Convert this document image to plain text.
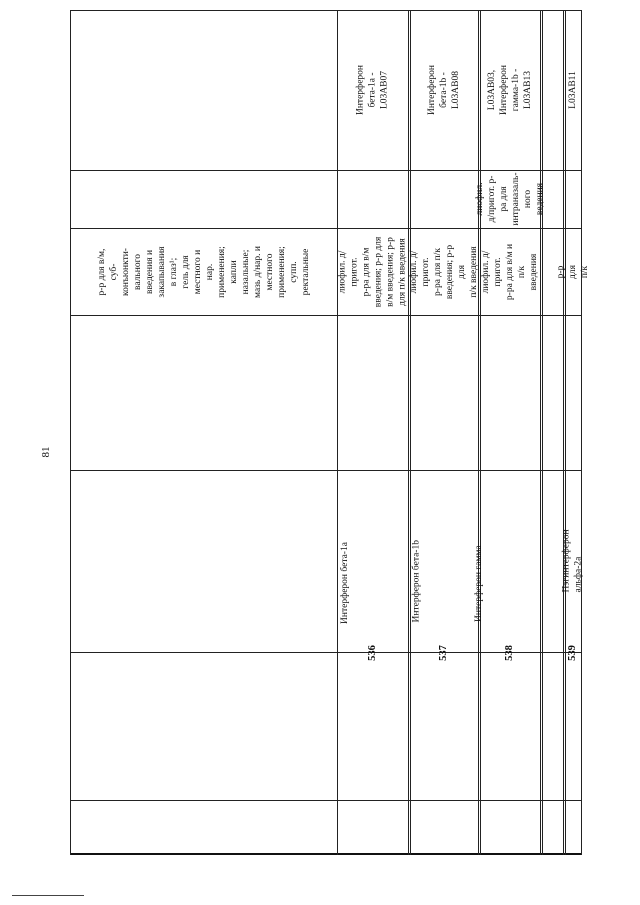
81
р-р для в/м,
суб-
конъюнкти-
вального
введения и
закапывания
в глаз¹;
гель для
местного и
нар.
применения;
капли
назальные;
мазь д/нар. и
местного
применения;
супп.
ректальные
536
Интерферон бета-1a
лиофил. д/пригот.
р-ра для в/м
введения; р-р для
в/м введения; р-р
для п/к введения
Интерферон
бета-1a -
L03AB07
537
Интерферон бета-1b
лиофил. д/пригот.
р-ра для п/к
введения; р-р для
п/к введения
Интерферон
бета-1b -
L03AB08
538
Интерферон гамма
лиофил. д/пригот.
р-ра для в/м и п/к
введения
лиофил.
д/пригот. р-
ра для
интраназаль-
ного
ведения
L03AB03,
Интерферон
гамма-1b -
L03AB13
539
Пэгинтерферон альфа-2a
р-р для п/к
L03AB11
